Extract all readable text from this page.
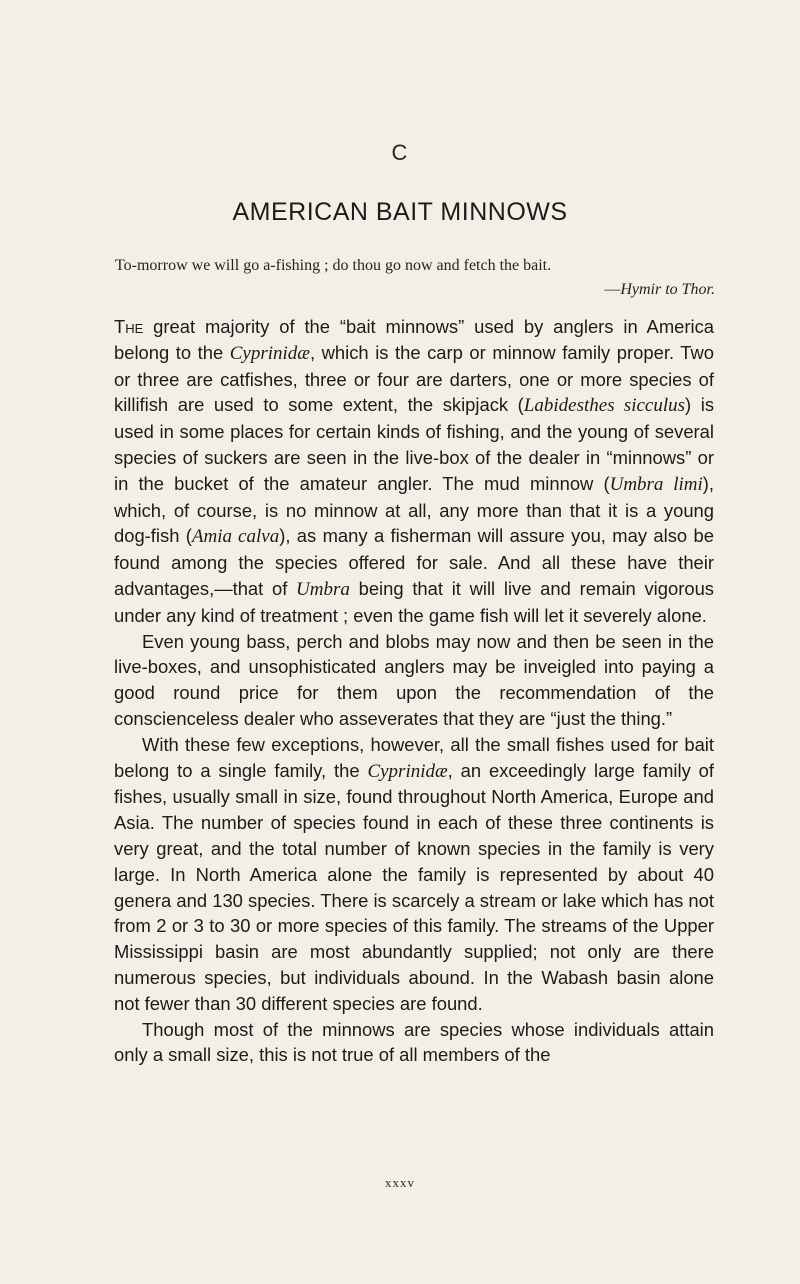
C
AMERICAN BAIT MINNOWS

To-morrow we will go a-fishing ; do thou go now and fetch the bait.

—Hymir to Thor.

The great majority of the “bait minnows” used by anglers in America belong to the Cyprinidæ, which is the carp or minnow family proper. Two or three are catfishes, three or four are darters, one or more species of killifish are used to some extent, the skipjack (Labidesthes sicculus) is used in some places for certain kinds of fishing, and the young of several species of suckers are seen in the live-box of the dealer in “minnows” or in the bucket of the amateur angler. The mud minnow (Umbra limi), which, of course, is no minnow at all, any more than that it is a young dog-fish (Amia calva), as many a fisherman will assure you, may also be found among the species offered for sale. And all these have their advantages,—that of Umbra being that it will live and remain vigorous under any kind of treatment ; even the game fish will let it severely alone.

Even young bass, perch and blobs may now and then be seen in the live-boxes, and unsophisticated anglers may be inveigled into paying a good round price for them upon the recommendation of the conscienceless dealer who asseverates that they are “just the thing.”

With these few exceptions, however, all the small fishes used for bait belong to a single family, the Cyprinidæ, an exceedingly large family of fishes, usually small in size, found throughout North America, Europe and Asia. The number of species found in each of these three continents is very great, and the total number of known species in the family is very large. In North America alone the family is represented by about 40 genera and 130 species. There is scarcely a stream or lake which has not from 2 or 3 to 30 or more species of this family. The streams of the Upper Mississippi basin are most abundantly supplied; not only are there numerous species, but individuals abound. In the Wabash basin alone not fewer than 30 different species are found.

Though most of the minnows are species whose individuals attain only a small size, this is not true of all members of the

xxxv
